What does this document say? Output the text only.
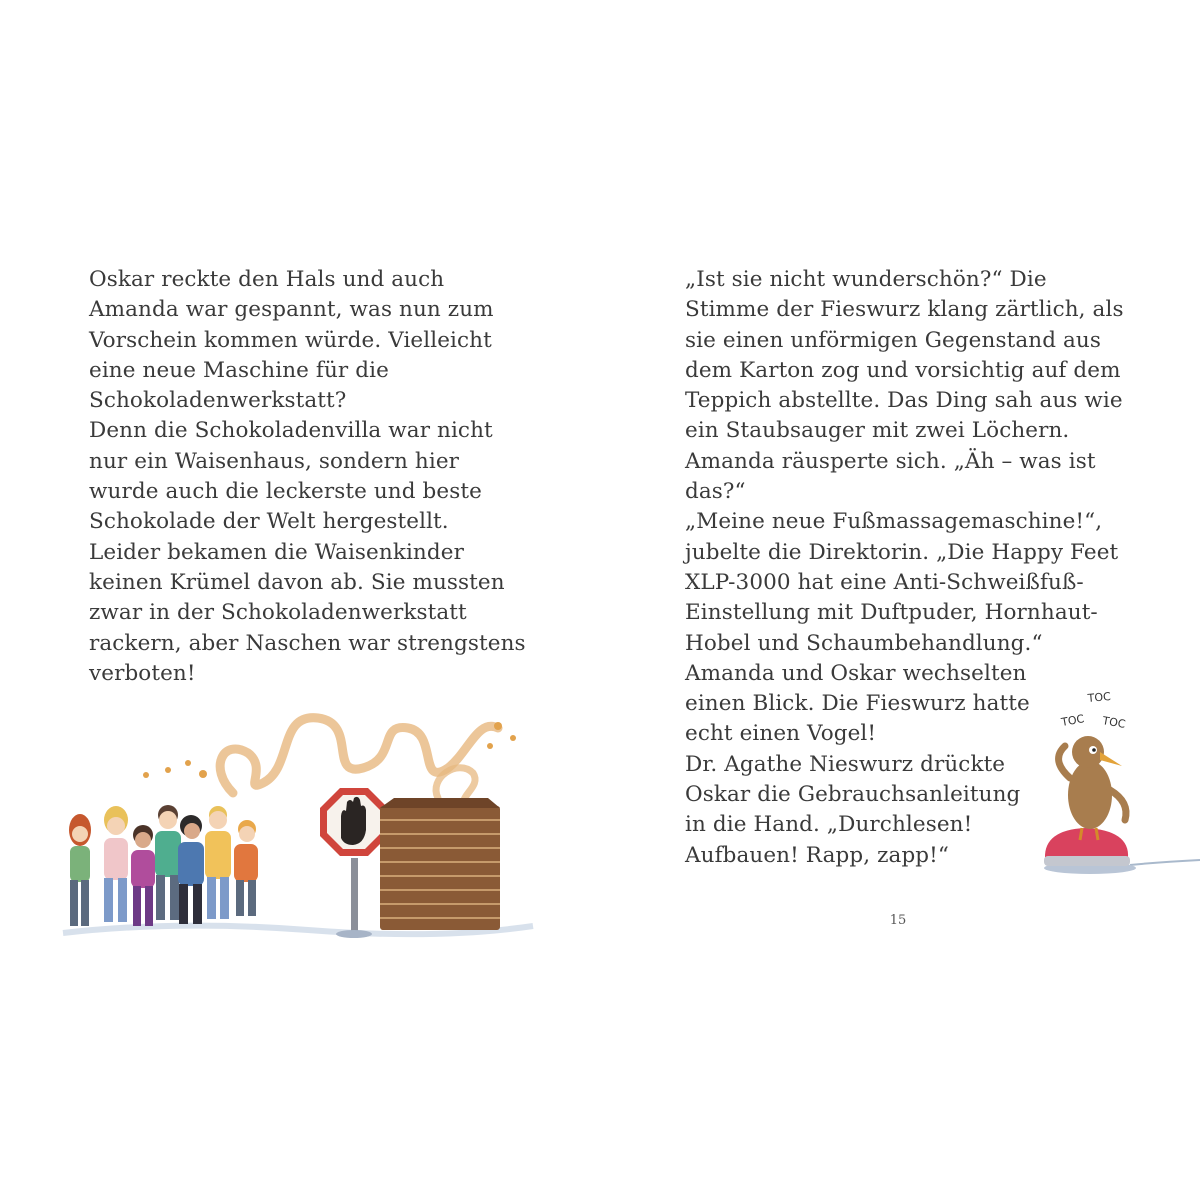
Oskar reckte den Hals und auch
Amanda war gespannt, was nun zum
Vorschein kommen würde. Vielleicht
eine neue Maschine für die
Schokoladenwerkstatt?
Denn die Schokoladenvilla war nicht
nur ein Waisenhaus, sondern hier
wurde auch die leckerste und beste
Schokolade der Welt hergestellt.
Leider bekamen die Waisenkinder
keinen Krümel davon ab. Sie mussten
zwar in der Schokoladenwerkstatt
rackern, aber Naschen war strengstens
verboten!
„Ist sie nicht wunderschön?“ Die
Stimme der Fieswurz klang zärtlich, als
sie einen unförmigen Gegenstand aus
dem Karton zog und vorsichtig auf dem
Teppich abstellte. Das Ding sah aus wie
ein Staubsauger mit zwei Löchern.
Amanda räusperte sich. „Äh – was ist
das?“
„Meine neue Fußmassagemaschine!“,
jubelte die Direktorin. „Die Happy Feet
XLP-3000 hat eine Anti-Schweißfuß-
Einstellung mit Duftpuder, Hornhaut-
Hobel und Schaumbehandlung.“
Amanda und Oskar wechselten
einen Blick. Die Fieswurz hatte
echt einen Vogel!
Dr. Agathe Nieswurz drückte
Oskar die Gebrauchsanleitung
in die Hand. „Durchlesen!
Aufbauen! Rapp, zapp!“
15
TOC
TOC TOC
